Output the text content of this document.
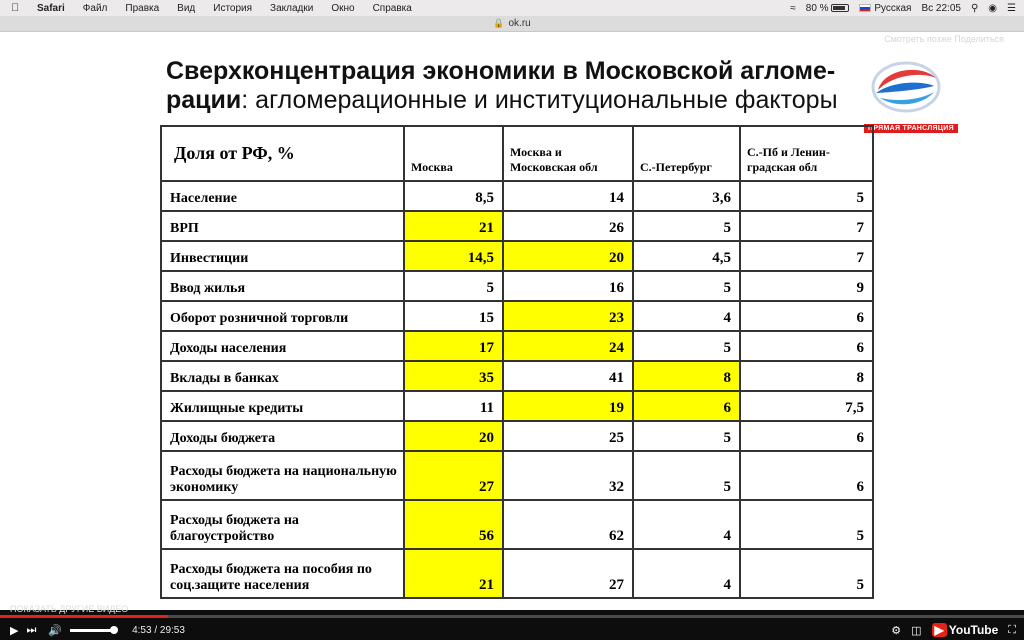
Safari Файл Правка Вид История Закладки Окно Справка	≈ 80 %	Русская Вс 22:05 ⚲ ◉ ☰
🔒 ok.ru
Смотреть позже Поделиться
Сверхконцентрация экономики в Московской агломе-
рации: агломерационные и институциональные факторы
ПРЯМАЯ ТРАНСЛЯЦИЯ
Доля от РФ, %	Москва	Москва и Московская обл	С.-Петербург	С.-Пб и Ленин-градская обл
Население	8,5	14	3,6	5
ВРП	21	26	5	7
Инвестиции	14,5	20	4,5	7
Ввод жилья	5	16	5	9
Оборот розничной торговли	15	23	4	6
Доходы населения	17	24	5	6
Вклады в банках	35	41	8	8
Жилищные кредиты	11	19	6	7,5
Доходы бюджета	20	25	5	6
Расходы бюджета на национальную экономику	27	32	5	6
Расходы бюджета на благоустройство	56	62	4	5
Расходы бюджета на пособия по соц.защите населения	21	27	4	5
ПОКАЗАТЬ ДРУГИЕ ВИДЕО
▶ ⏭ 🔊	4:53 / 29:53	⚙ ◫ ▶ YouTube ⛶
